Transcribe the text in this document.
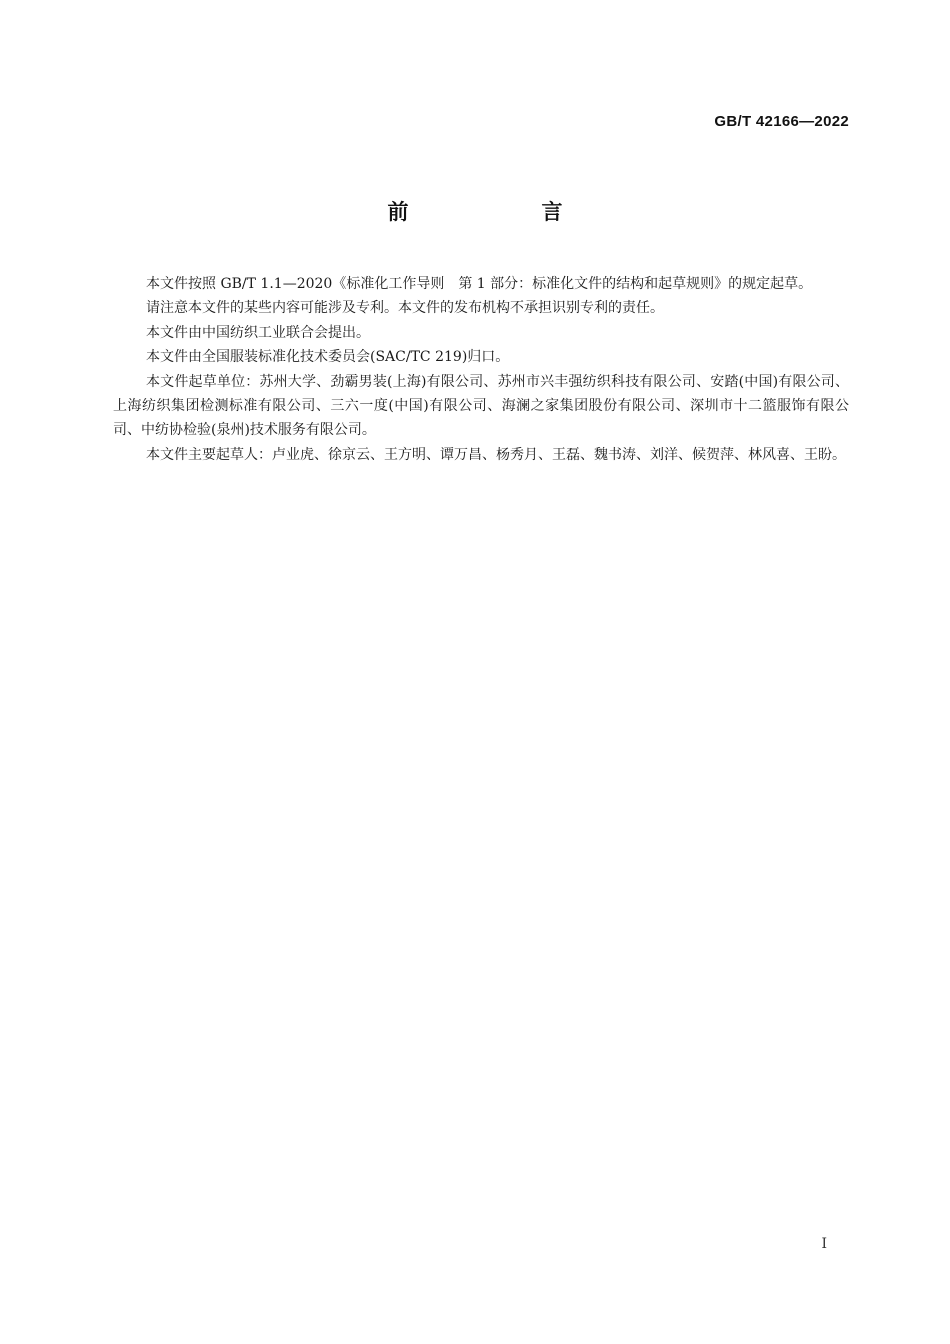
GB/T 42166—2022
前　言

本文件按照 GB/T 1.1—2020《标准化工作导则　第 1 部分：标准化文件的结构和起草规则》的规定起草。

请注意本文件的某些内容可能涉及专利。本文件的发布机构不承担识别专利的责任。

本文件由中国纺织工业联合会提出。

本文件由全国服装标准化技术委员会(SAC/TC 219)归口。

本文件起草单位：苏州大学、劲霸男装(上海)有限公司、苏州市兴丰强纺织科技有限公司、安踏(中国)有限公司、上海纺织集团检测标准有限公司、三六一度(中国)有限公司、海澜之家集团股份有限公司、深圳市十二篮服饰有限公司、中纺协检验(泉州)技术服务有限公司。

本文件主要起草人：卢业虎、徐京云、王方明、谭万昌、杨秀月、王磊、魏书涛、刘洋、候贺萍、林风喜、王盼。

I
